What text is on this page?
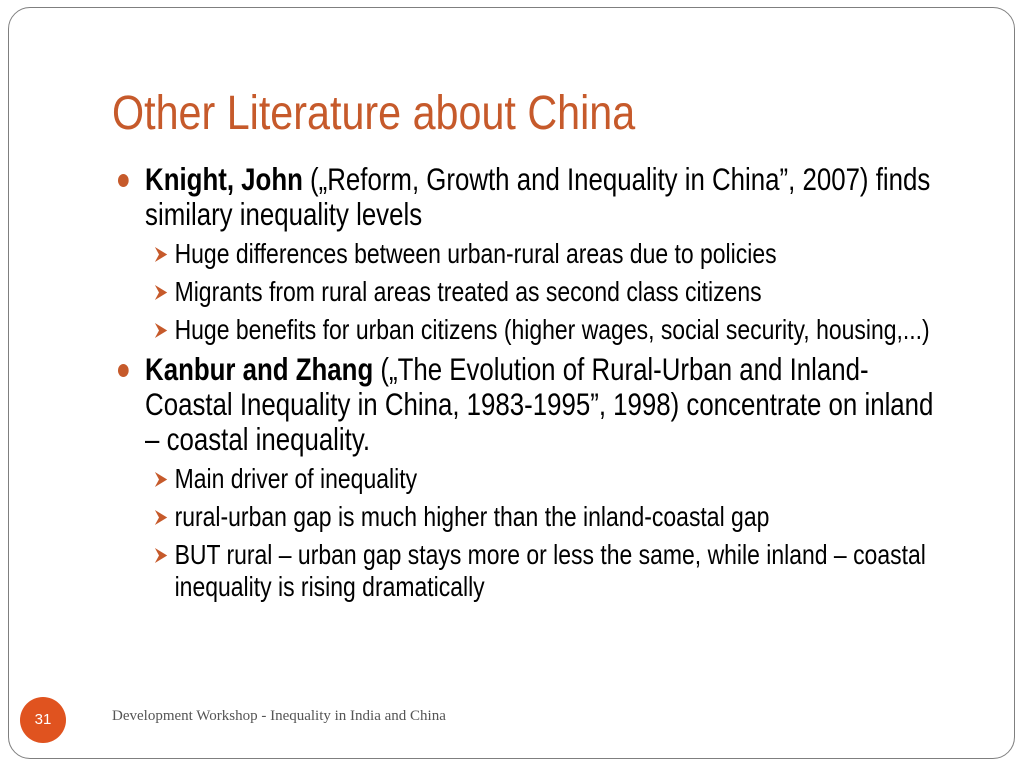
Other Literature about China
Knight, John („Reform, Growth and Inequality in China”, 2007) finds similary inequality levels
Huge differences between urban-rural areas due to policies
Migrants from rural areas treated as second class citizens
Huge benefits for urban citizens (higher wages, social security, housing,...)
Kanbur and Zhang („The Evolution of Rural-Urban and Inland-Coastal Inequality in China, 1983-1995”, 1998) concentrate on inland – coastal inequality.
Main driver of inequality
rural-urban gap is much higher than the inland-coastal gap
BUT rural – urban gap stays more or less the same, while inland – coastal inequality is rising dramatically
31	Development Workshop - Inequality in India and China
